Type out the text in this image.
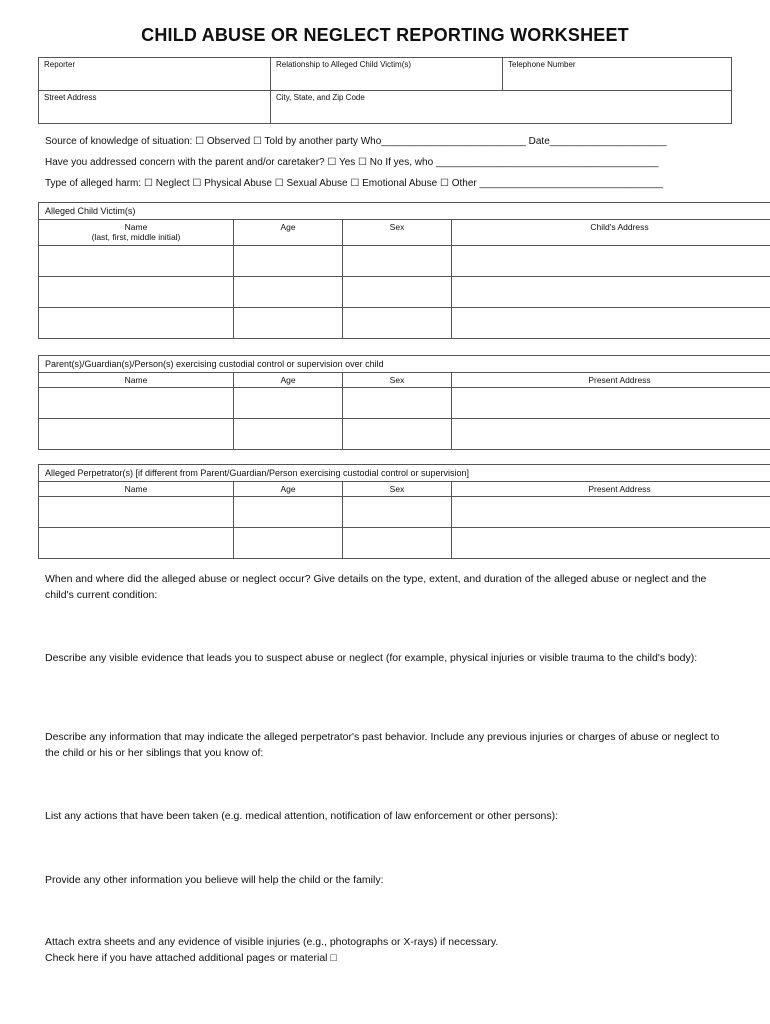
CHILD ABUSE OR NEGLECT REPORTING WORKSHEET
Reporter	Relationship to Alleged Child Victim(s)	Telephone Number
Street Address	City, State, and Zip Code	
Source of knowledge of situation: ☐ Observed ☐ Told by another party Who__________________________ Date_____________________
Have you addressed concern with the parent and/or caretaker? ☐ Yes ☐ No If yes, who ________________________________________
Type of alleged harm: ☐ Neglect ☐ Physical Abuse ☐ Sexual Abuse ☐ Emotional Abuse ☐ Other _________________________________
Alleged Child Victim(s)			

Name
(last, first, middle initial)	Age	Sex	Child's Address

Parent(s)/Guardian(s)/Person(s) exercising custodial control or supervision over child			
Name	Age	Sex	Present Address

Alleged Perpetrator(s) [if different from Parent/Guardian/Person exercising custodial control or supervision]			
Name	Age	Sex	Present Address

When and where did the alleged abuse or neglect occur? Give details on the type, extent, and duration of the alleged abuse or neglect and the child's current condition:
Describe any visible evidence that leads you to suspect abuse or neglect (for example, physical injuries or visible trauma to the child's body):
Describe any information that may indicate the alleged perpetrator's past behavior. Include any previous injuries or charges of abuse or neglect to the child or his or her siblings that you know of:
List any actions that have been taken (e.g. medical attention, notification of law enforcement or other persons):
Provide any other information you believe will help the child or the family:
Attach extra sheets and any evidence of visible injuries (e.g., photographs or X-rays) if necessary.
Check here if you have attached additional pages or material □
